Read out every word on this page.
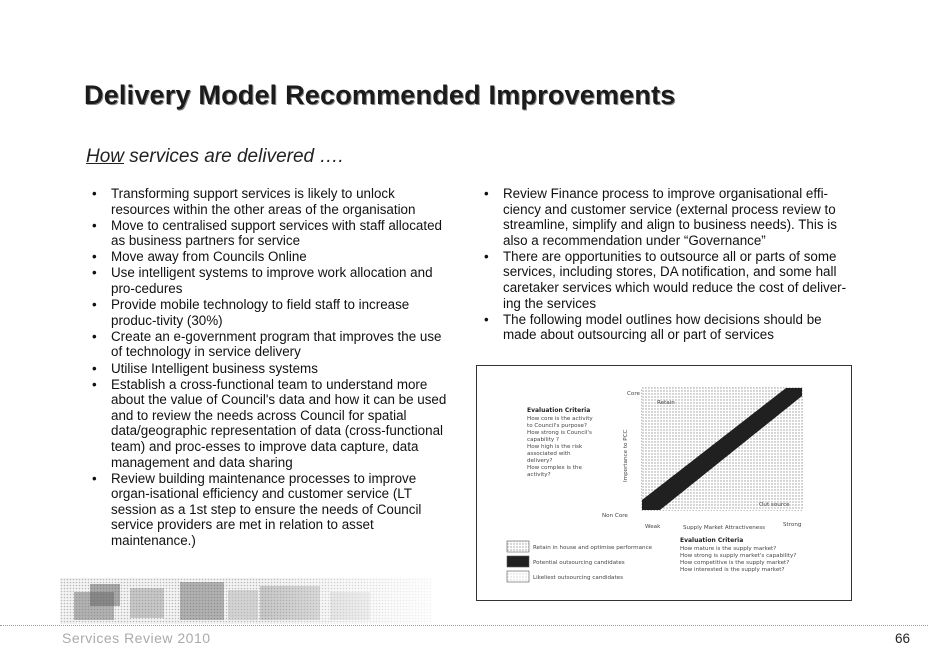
Delivery Model Recommended Improvements
How services are delivered ….
• Transforming support services is likely to unlock resources within the other areas of the organisation
• Move to centralised support services with staff allocated as business partners for service
• Move away from Councils Online
• Use intelligent systems to improve work allocation and pro-cedures
• Provide mobile technology to field staff to increase produc-tivity (30%)
• Create an e-government program that improves the use of technology in service delivery
• Utilise Intelligent business systems
• Establish a cross-functional team to understand more about the value of Council's data and how it can be used and to review the needs across Council for spatial data/geographic representation of data (cross-functional team) and proc-esses to improve data capture, data management and data sharing
• Review building maintenance processes to improve organ-isational efficiency and customer service (LT session as a 1st step to ensure the needs of Council service providers are met in relation to asset maintenance.)
• Review Finance process to improve organisational effi-ciency and customer service (external process review to streamline, simplify and align to business needs). This is also a recommendation under “Governance”
• There are opportunities to outsource all or parts of some services, including stores, DA notification, and some hall caretaker services which would reduce the cost of deliver-ing the services
• The following model outlines how decisions should be made about outsourcing all or part of services
Retain
Out source
Core
Non Core
Importance to PCC
Weak	Strong
Supply Market Attractiveness
Evaluation Criteria
How core is the activity
to Council's purpose?
How strong is Council's
capability ?
How high is the risk
associated with
delivery?
How complex is the
activity?
Retain in house and optimise performance
Potential outsourcing candidates
Likeliest outsourcing candidates
Evaluation Criteria
How mature is the supply market?
How strong is supply market's capability?
How competitive is the supply market?
How interested is the supply market?
Services Review 2010	66
